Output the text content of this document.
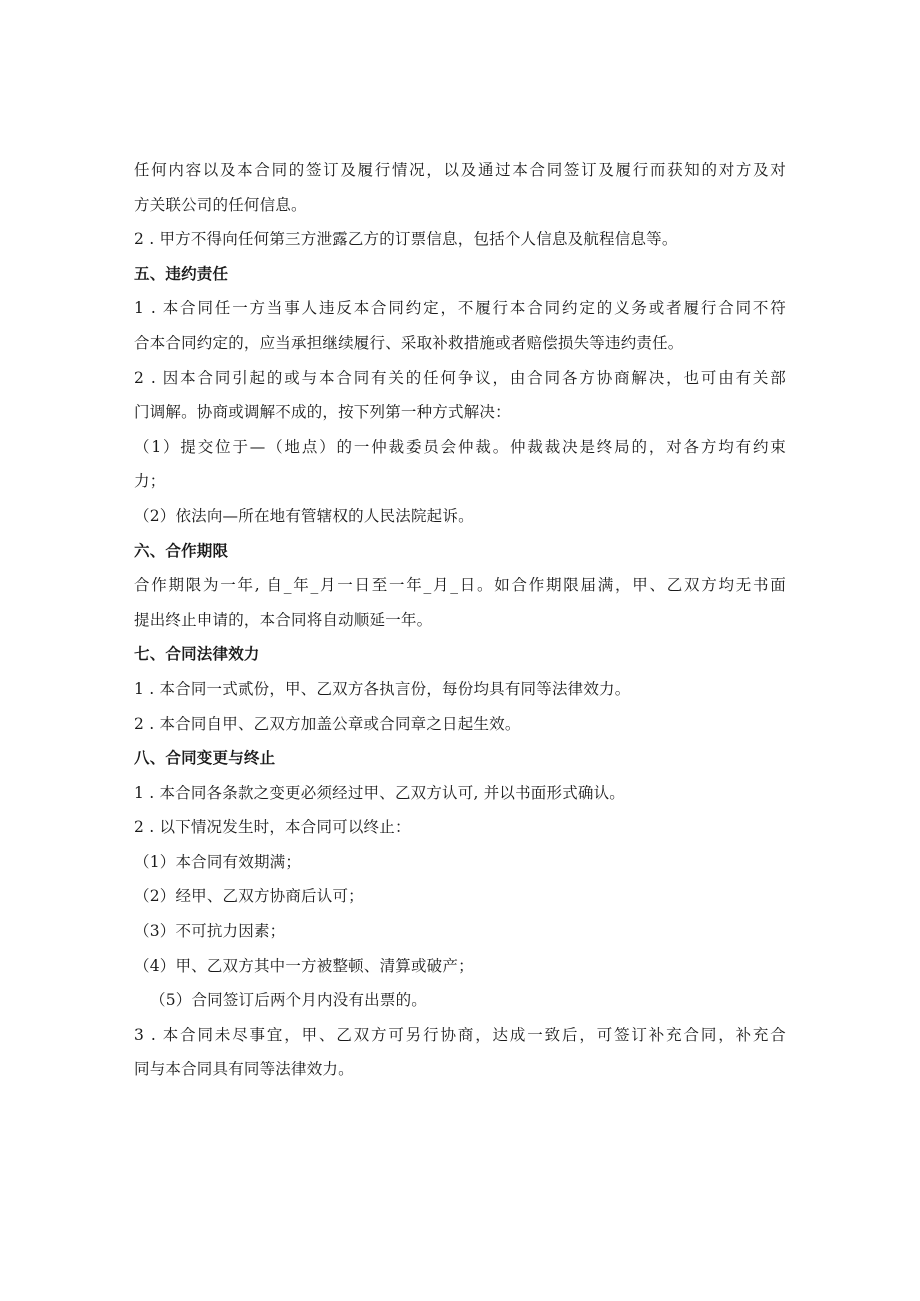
任何内容以及本合同的签订及履行情况，以及通过本合同签订及履行而获知的对方及对
方关联公司的任何信息。
2 . 甲方不得向任何第三方泄露乙方的订票信息，包括个人信息及航程信息等。
五、违约责任
1 . 本合同任一方当事人违反本合同约定，不履行本合同约定的义务或者履行合同不符
合本合同约定的，应当承担继续履行、采取补救措施或者赔偿损失等违约责任。
2 . 因本合同引起的或与本合同有关的任何争议，由合同各方协商解决，也可由有关部
门调解。协商或调解不成的，按下列第一种方式解决：
（1）提交位于—（地点）的一仲裁委员会仲裁。仲裁裁决是终局的，对各方均有约束
力；
（2）依法向—所在地有管辖权的人民法院起诉。
六、合作期限
合作期限为一年, 自_年_月一日至一年_月_日。如合作期限届满，甲、乙双方均无书面
提出终止申请的，本合同将自动顺延一年。
七、合同法律效力
1 . 本合同一式贰份，甲、乙双方各执言份，每份均具有同等法律效力。
2 . 本合同自甲、乙双方加盖公章或合同章之日起生效。
八、合同变更与终止
1 . 本合同各条款之变更必须经过甲、乙双方认可, 并以书面形式确认。
2 . 以下情况发生时，本合同可以终止：
（1）本合同有效期满；
（2）经甲、乙双方协商后认可；
（3）不可抗力因素；
（4）甲、乙双方其中一方被整顿、清算或破产；
（5）合同签订后两个月内没有出票的。
3 . 本合同未尽事宜，甲、乙双方可另行协商，达成一致后，可签订补充合同，补充合
同与本合同具有同等法律效力。
